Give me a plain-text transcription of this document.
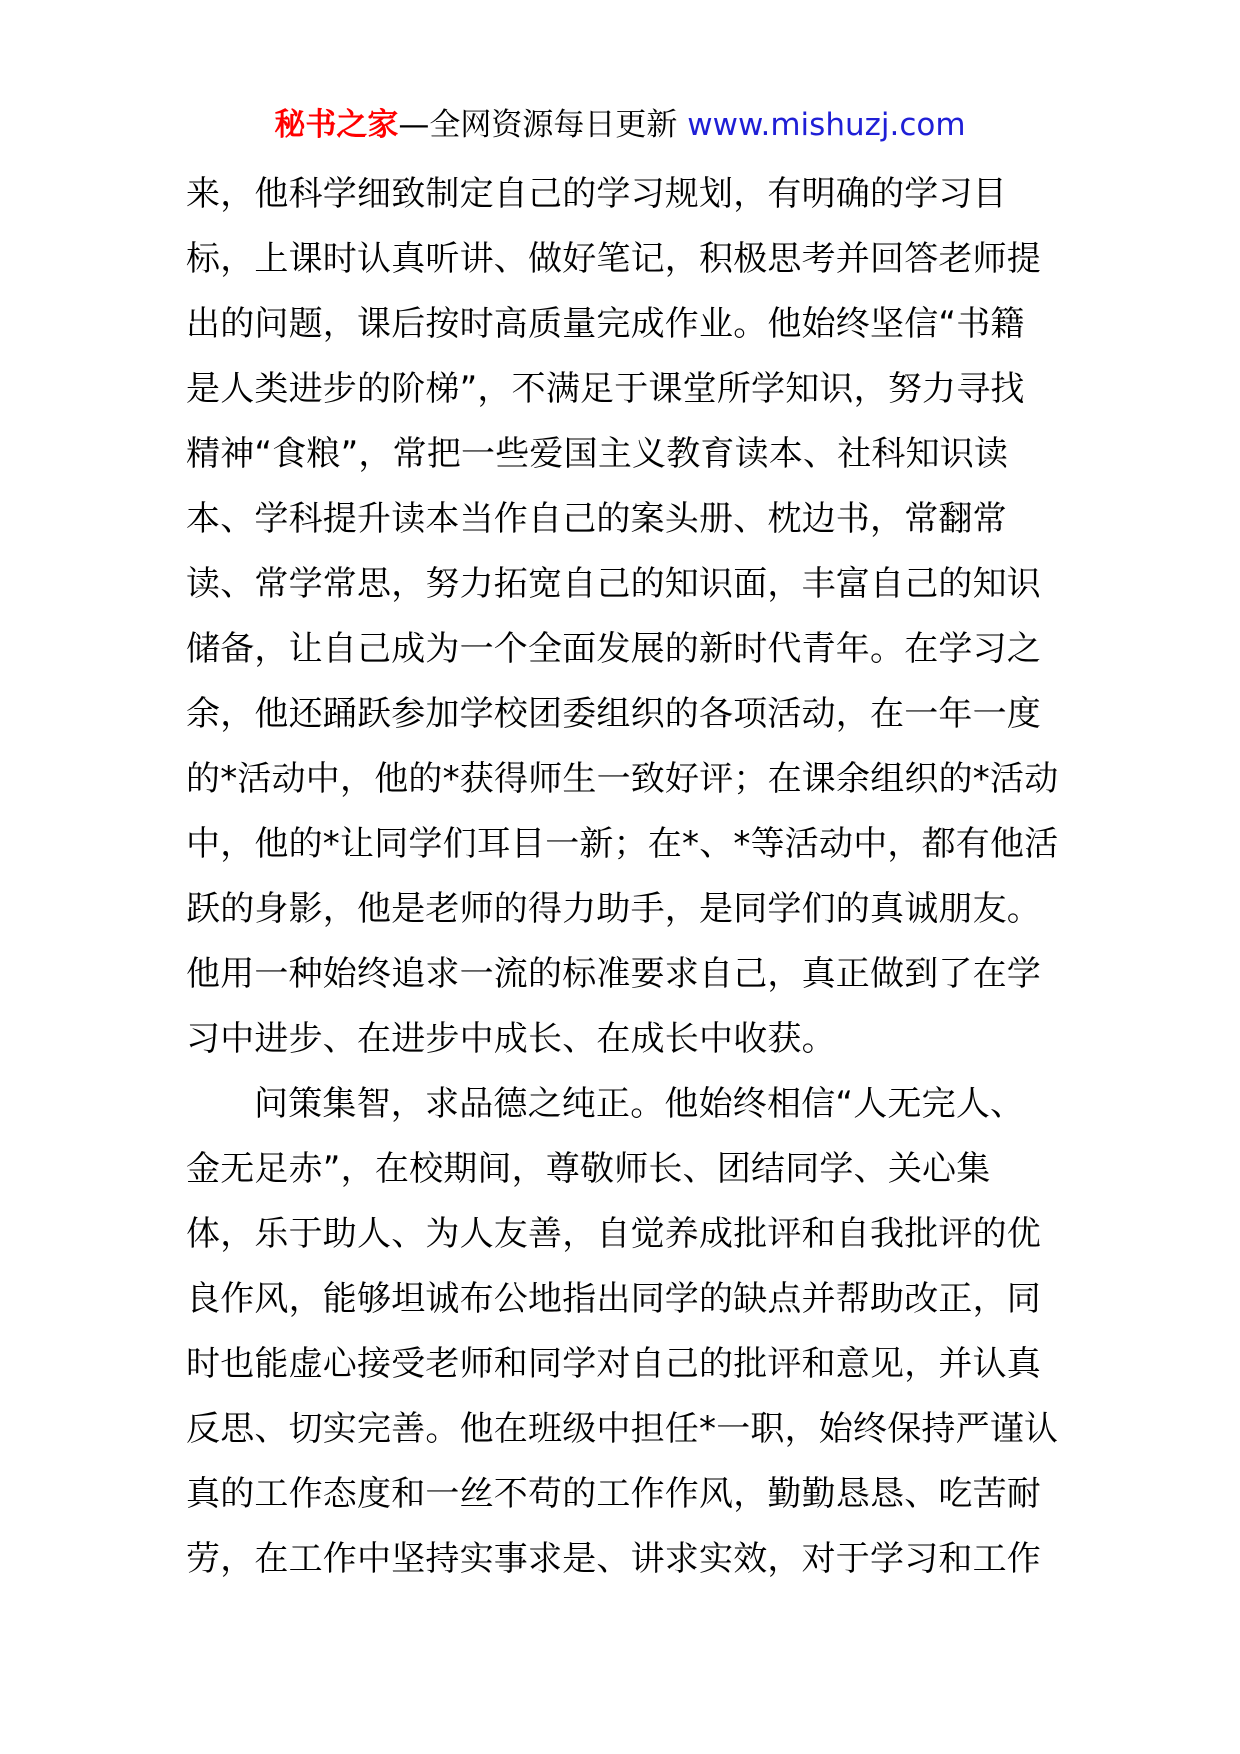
秘书之家—全网资源每日更新 www.mishuzj.com
来，他科学细致制定自己的学习规划，有明确的学习目
标，上课时认真听讲、做好笔记，积极思考并回答老师提
出的问题，课后按时高质量完成作业。他始终坚信“书籍
是人类进步的阶梯”，不满足于课堂所学知识，努力寻找
精神“食粮”，常把一些爱国主义教育读本、社科知识读
本、学科提升读本当作自己的案头册、枕边书，常翻常
读、常学常思，努力拓宽自己的知识面，丰富自己的知识
储备，让自己成为一个全面发展的新时代青年。在学习之
余，他还踊跃参加学校团委组织的各项活动，在一年一度
的*活动中，他的*获得师生一致好评；在课余组织的*活动
中，他的*让同学们耳目一新；在*、*等活动中，都有他活
跃的身影，他是老师的得力助手，是同学们的真诚朋友。
他用一种始终追求一流的标准要求自己，真正做到了在学
习中进步、在进步中成长、在成长中收获。
问策集智，求品德之纯正。他始终相信“人无完人、
金无足赤”，在校期间，尊敬师长、团结同学、关心集
体，乐于助人、为人友善，自觉养成批评和自我批评的优
良作风，能够坦诚布公地指出同学的缺点并帮助改正，同
时也能虚心接受老师和同学对自己的批评和意见，并认真
反思、切实完善。他在班级中担任*一职，始终保持严谨认
真的工作态度和一丝不苟的工作作风，勤勤恳恳、吃苦耐
劳，在工作中坚持实事求是、讲求实效，对于学习和工作
